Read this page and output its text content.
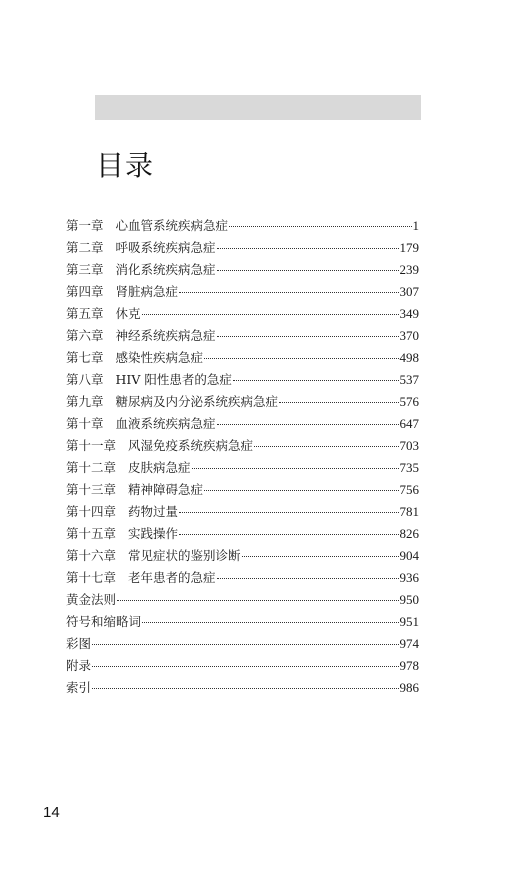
目录
第一章 心血管系统疾病急症	1
第二章 呼吸系统疾病急症	179
第三章 消化系统疾病急症	239
第四章 肾脏病急症	307
第五章 休克	349
第六章 神经系统疾病急症	370
第七章 感染性疾病急症	498
第八章 HIV 阳性患者的急症	537
第九章 糖尿病及内分泌系统疾病急症	576
第十章 血液系统疾病急症	647
第十一章 风湿免疫系统疾病急症	703
第十二章 皮肤病急症	735
第十三章 精神障碍急症	756
第十四章 药物过量	781
第十五章 实践操作	826
第十六章 常见症状的鉴别诊断	904
第十七章 老年患者的急症	936
黄金法则	950
符号和缩略词	951
彩图	974
附录	978
索引	986
14
